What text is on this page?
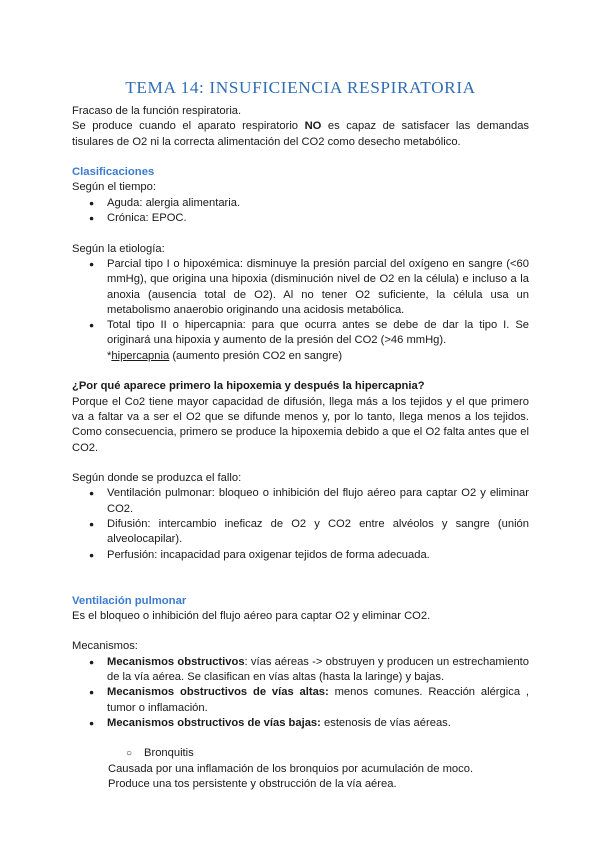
TEMA 14: INSUFICIENCIA RESPIRATORIA

Fracaso de la función respiratoria.

Se produce cuando el aparato respiratorio NO es capaz de satisfacer las demandas tisulares de O2 ni la correcta alimentación del CO2 como desecho metabólico.

Clasificaciones

Según el tiempo:

● Aguda: alergia alimentaria.
● Crónica: EPOC.

Según la etiología:

● Parcial tipo I o hipoxémica: disminuye la presión parcial del oxígeno en sangre (<60 mmHg), que origina una hipoxia (disminución nivel de O2 en la célula) e incluso a la anoxia (ausencia total de O2). Al no tener O2 suficiente, la célula usa un metabolismo anaerobio originando una acidosis metabólica.
● Total tipo II o hipercapnia: para que ocurra antes se debe de dar la tipo I. Se originará una hipoxia y aumento de la presión del CO2 (>46 mmHg).

*hipercapnia (aumento presión CO2 en sangre)

¿Por qué aparece primero la hipoxemia y después la hipercapnia?

Porque el Co2 tiene mayor capacidad de difusión, llega más a los tejidos y el que primero va a faltar va a ser el O2 que se difunde menos y, por lo tanto, llega menos a los tejidos. Como consecuencia, primero se produce la hipoxemia debido a que el O2 falta antes que el CO2.

Según donde se produzca el fallo:

● Ventilación pulmonar: bloqueo o inhibición del flujo aéreo para captar O2 y eliminar CO2.
● Difusión: intercambio ineficaz de O2 y CO2 entre alvéolos y sangre (unión alveolocapilar).
● Perfusión: incapacidad para oxigenar tejidos de forma adecuada.

Ventilación pulmonar

Es el bloqueo o inhibición del flujo aéreo para captar O2 y eliminar CO2.

Mecanismos:

● Mecanismos obstructivos: vías aéreas -> obstruyen y producen un estrechamiento de la vía aérea. Se clasifican en vías altas (hasta la laringe) y bajas.
● Mecanismos obstructivos de vías altas: menos comunes. Reacción alérgica , tumor o inflamación.
● Mecanismos obstructivos de vías bajas: estenosis de vías aéreas.

○ Bronquitis

Causada por una inflamación de los bronquios por acumulación de moco.

Produce una tos persistente y obstrucción de la vía aérea.
